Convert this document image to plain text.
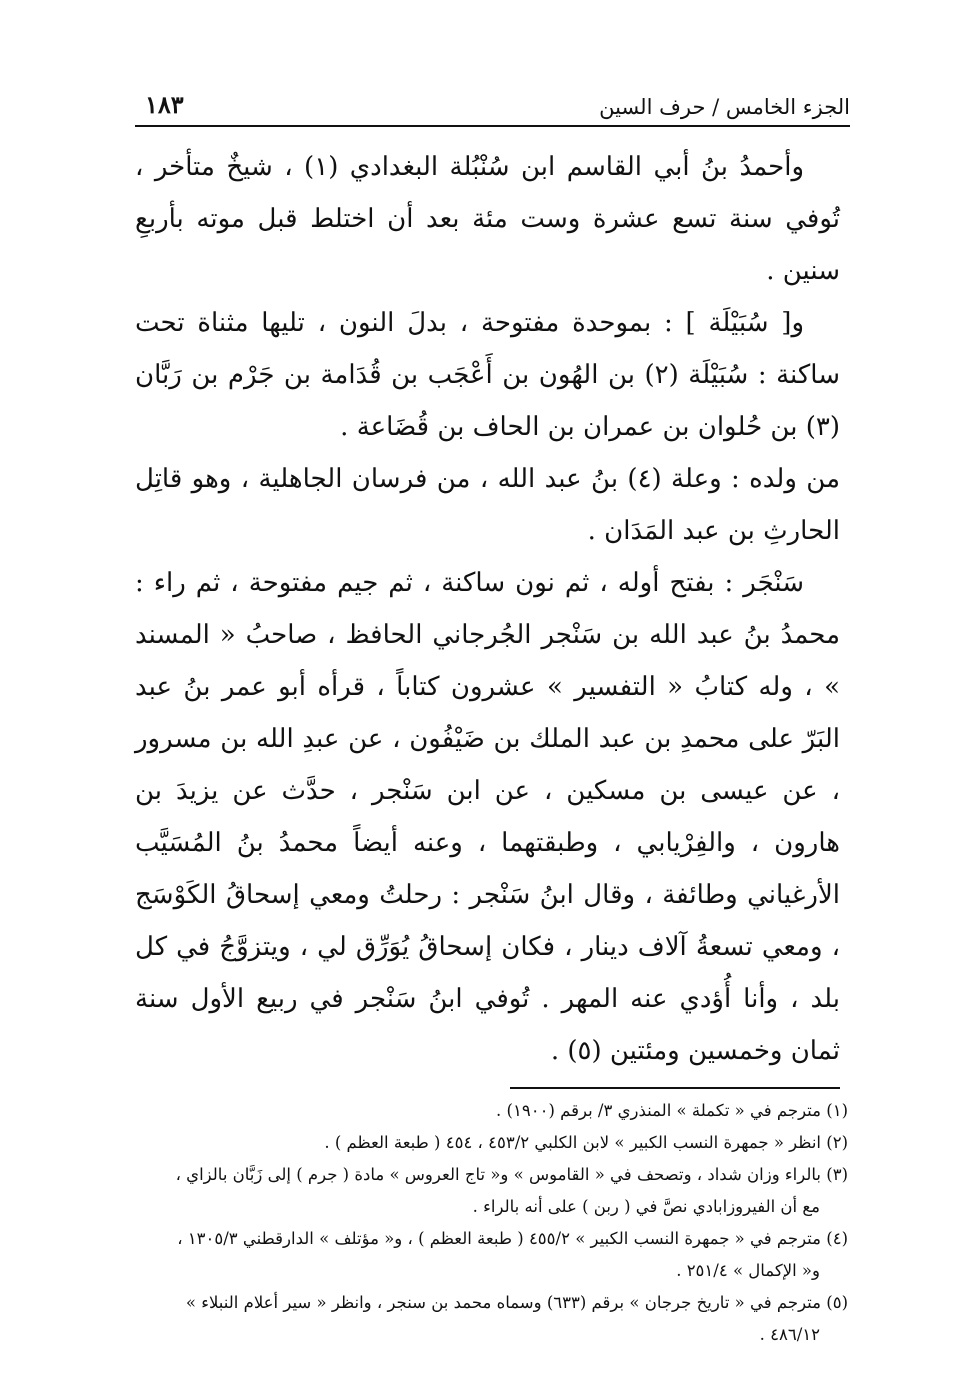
الجزء الخامس / حرف السين
١٨٣

وأحمدُ بنُ أبي القاسم ابن سُنْبُلة البغدادي (١) ، شيخٌ متأخر ، تُوفي سنة تسع عشرة وست مئة بعد أن اختلط قبل موته بأربعِ سنين .

و[ سُبَيْلَة ] : بموحدة مفتوحة ، بدلَ النون ، تليها مثناة تحت ساكنة : سُبَيْلَة (٢) بن الهُون بن أَعْجَب بن قُدَامة بن جَرْم بن رَبَّان (٣) بن حُلوان بن عمران بن الحاف بن قُضَاعة .

من ولده : وعلة (٤) بنُ عبد الله ، من فرسان الجاهلية ، وهو قاتِل الحارثِ بن عبد المَدَان .

سَنْجَر : بفتح أوله ، ثم نون ساكنة ، ثم جيم مفتوحة ، ثم راء : محمدُ بنُ عبد الله بن سَنْجر الجُرجاني الحافظ ، صاحبُ « المسند » ، وله كتابُ « التفسير » عشرون كتاباً ، قرأه أبو عمر بنُ عبد البَرّ على محمدِ بن عبد الملك بن ضَيْفُون ، عن عبدِ الله بن مسرور ، عن عيسى بن مسكين ، عن ابن سَنْجر ، حدَّث عن يزيدَ بن هارون ، والفِرْيابي ، وطبقتهما ، وعنه أيضاً محمدُ بنُ المُسَيَّب الأرغياني وطائفة ، وقال ابنُ سَنْجر : رحلتُ ومعي إسحاقُ الكَوْسَج ، ومعي تسعةُ آلاف دينار ، فكان إسحاقُ يُوَرِّق لي ، ويتزوَّجُ في كل بلد ، وأنا أُؤدي عنه المهر . تُوفي ابنُ سَنْجر في ربيع الأول سنة ثمان وخمسين ومئتين (٥) .

(١) مترجم في « تكملة » المنذري ٣/ برقم (١٩٠٠) .

(٢) انظر « جمهرة النسب الكبير » لابن الكلبي ٤٥٣/٢ ، ٤٥٤ ( طبعة العظم ) .

(٣) بالراء وزان شداد ، وتصحف في « القاموس » و« تاج العروس » مادة ( جرم ) إلى زَبَّان بالزاي ،

مع أن الفيروزابادي نصَّ في ( ربن ) على أنه بالراء .

(٤) مترجم في « جمهرة النسب الكبير » ٤٥٥/٢ ( طبعة العظم ) ، و« مؤتلف » الدارقطني ١٣٠٥/٣ ،

و« الإكمال » ٢٥١/٤ .

(٥) مترجم في « تاريخ جرجان » برقم (٦٣٣) وسماه محمد بن سنجر ، وانظر « سير أعلام النبلاء »

٤٨٦/١٢ .
